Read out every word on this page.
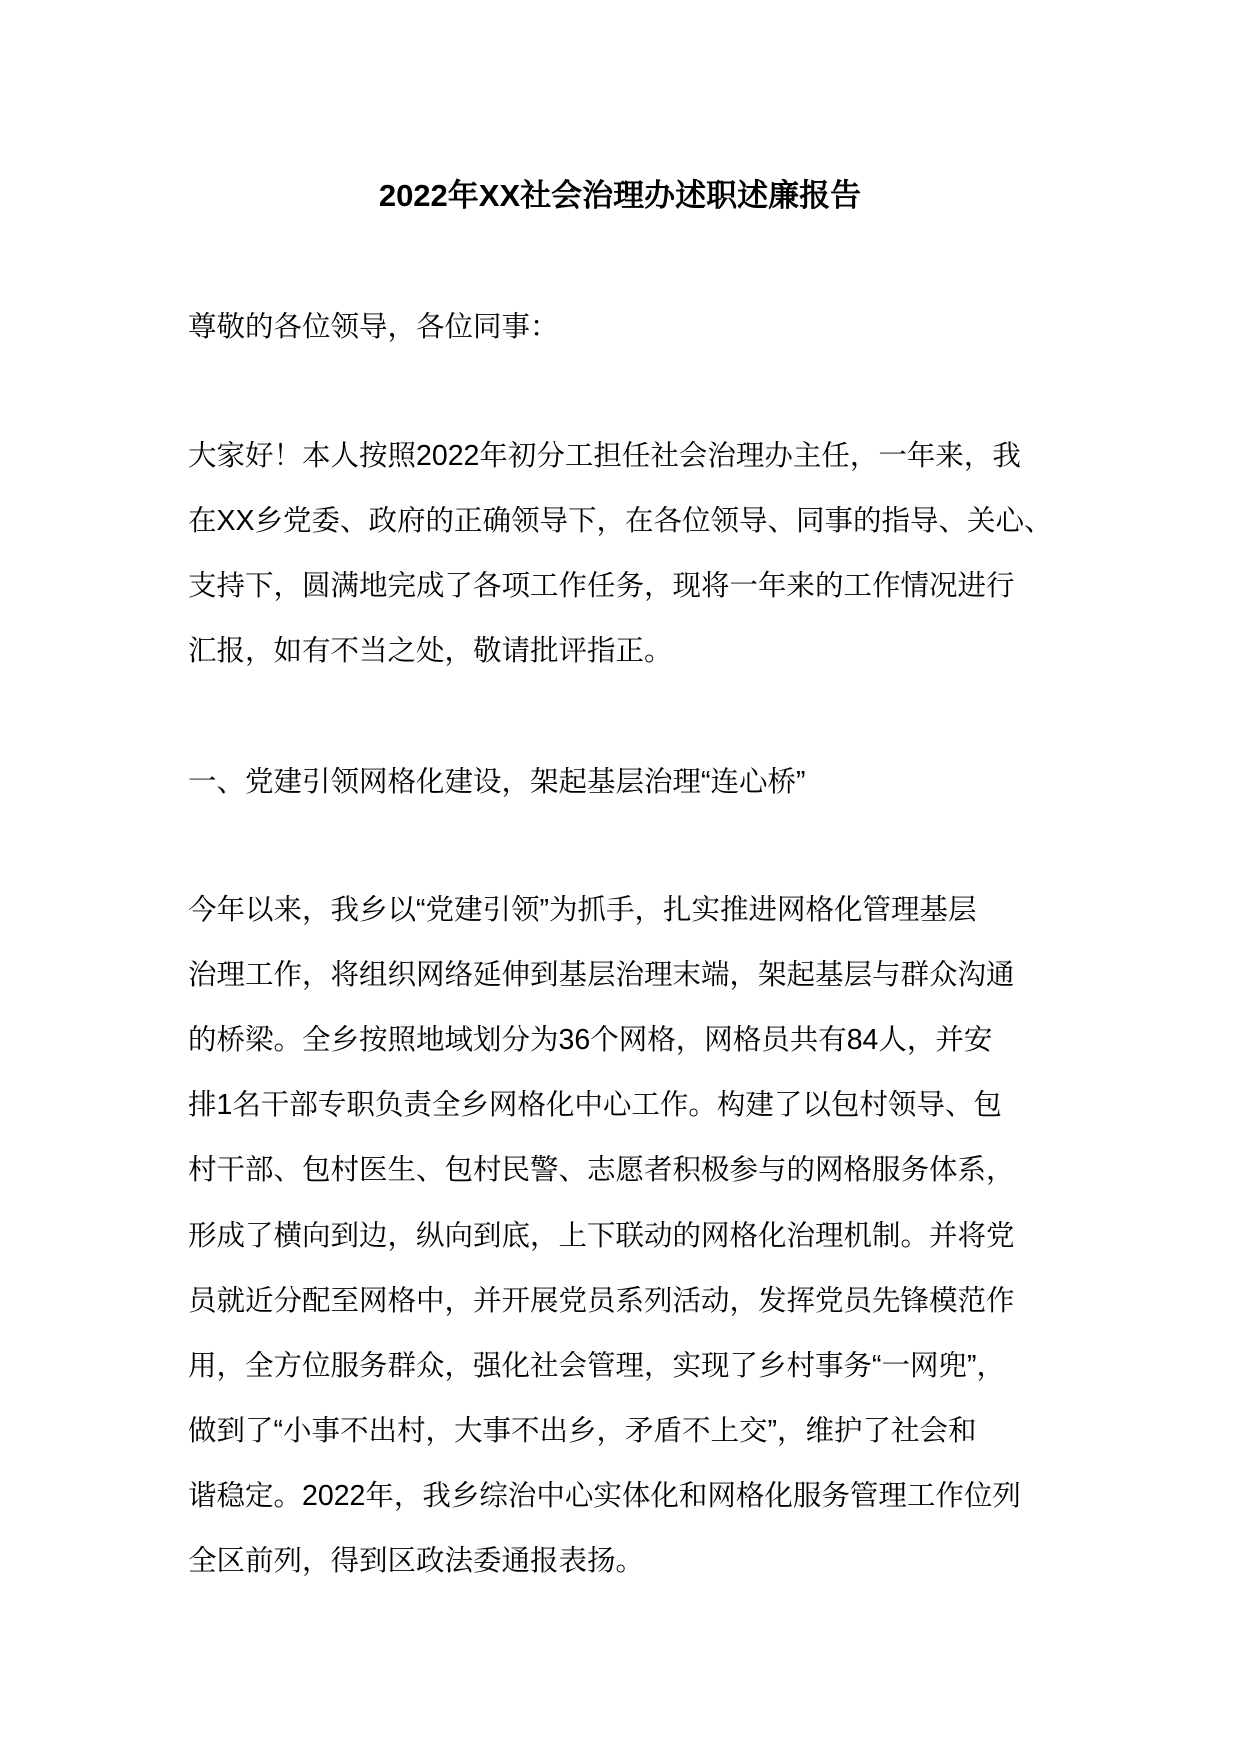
2022年XX社会治理办述职述廉报告
尊敬的各位领导，各位同事：
大家好！本人按照2022年初分工担任社会治理办主任，一年来，我
在XX乡党委、政府的正确领导下，在各位领导、同事的指导、关心、
支持下，圆满地完成了各项工作任务，现将一年来的工作情况进行
汇报，如有不当之处，敬请批评指正。
一、党建引领网格化建设，架起基层治理“连心桥”
今年以来，我乡以“党建引领”为抓手，扎实推进网格化管理基层
治理工作，将组织网络延伸到基层治理末端，架起基层与群众沟通
的桥梁。全乡按照地域划分为36个网格，网格员共有84人，并安
排1名干部专职负责全乡网格化中心工作。构建了以包村领导、包
村干部、包村医生、包村民警、志愿者积极参与的网格服务体系，
形成了横向到边，纵向到底，上下联动的网格化治理机制。并将党
员就近分配至网格中，并开展党员系列活动，发挥党员先锋模范作
用，全方位服务群众，强化社会管理，实现了乡村事务“一网兜”，
做到了“小事不出村，大事不出乡，矛盾不上交”，维护了社会和
谐稳定。2022年，我乡综治中心实体化和网格化服务管理工作位列
全区前列，得到区政法委通报表扬。
